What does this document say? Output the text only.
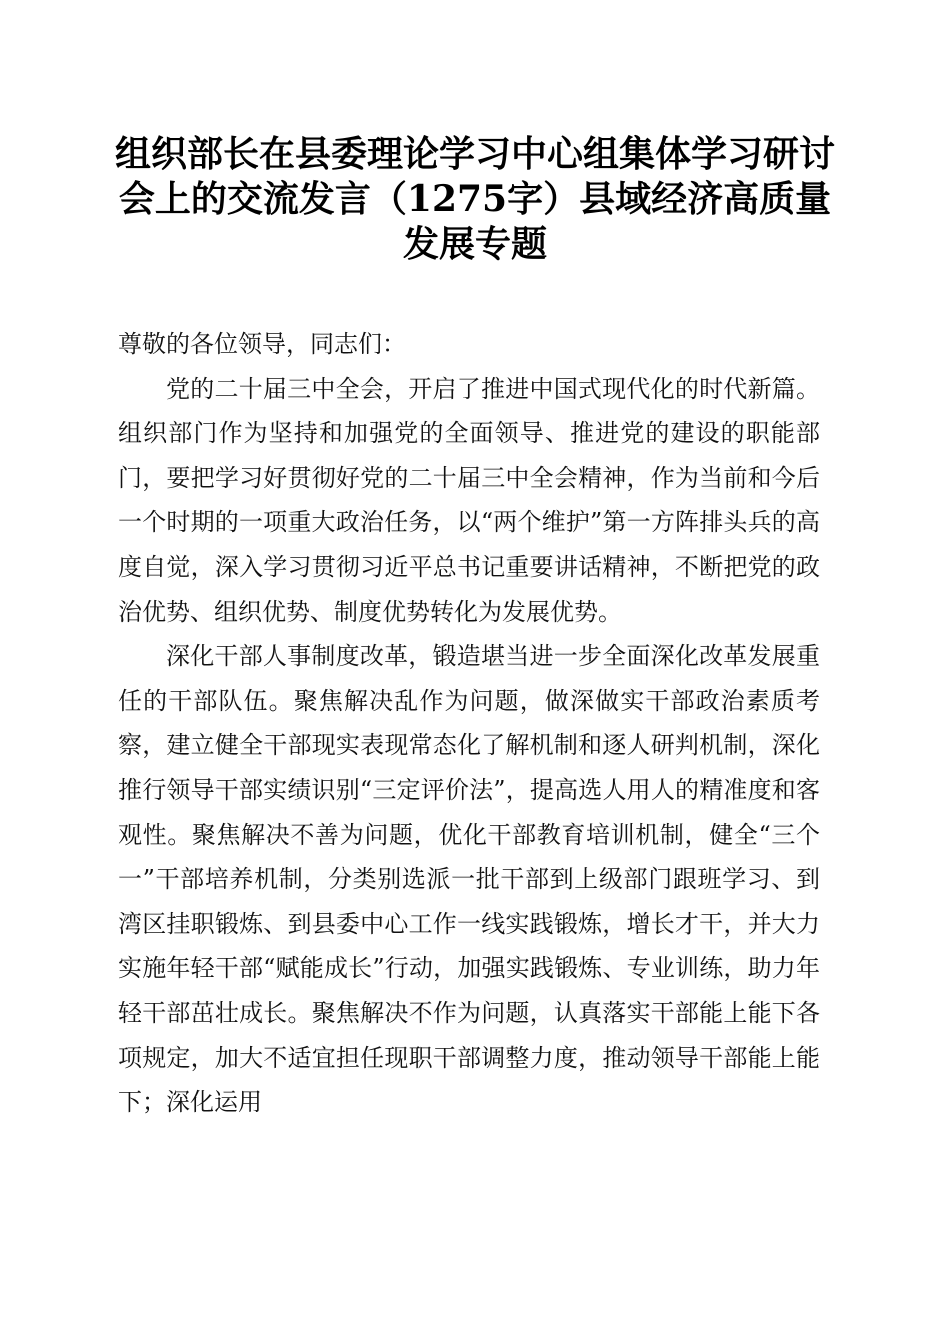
组织部长在县委理论学习中心组集体学习研讨会上的交流发言（1275字）县域经济高质量发展专题

尊敬的各位领导，同志们：

党的二十届三中全会，开启了推进中国式现代化的时代新篇。组织部门作为坚持和加强党的全面领导、推进党的建设的职能部门，要把学习好贯彻好党的二十届三中全会精神，作为当前和今后一个时期的一项重大政治任务，以“两个维护”第一方阵排头兵的高度自觉，深入学习贯彻习近平总书记重要讲话精神，不断把党的政治优势、组织优势、制度优势转化为发展优势。

深化干部人事制度改革，锻造堪当进一步全面深化改革发展重任的干部队伍。聚焦解决乱作为问题，做深做实干部政治素质考察，建立健全干部现实表现常态化了解机制和逐人研判机制，深化推行领导干部实绩识别“三定评价法”，提高选人用人的精准度和客观性。聚焦解决不善为问题，优化干部教育培训机制，健全“三个一”干部培养机制，分类别选派一批干部到上级部门跟班学习、到湾区挂职锻炼、到县委中心工作一线实践锻炼，增长才干，并大力实施年轻干部“赋能成长”行动，加强实践锻炼、专业训练，助力年轻干部茁壮成长。聚焦解决不作为问题，认真落实干部能上能下各项规定，加大不适宜担任现职干部调整力度，推动领导干部能上能下；深化运用
